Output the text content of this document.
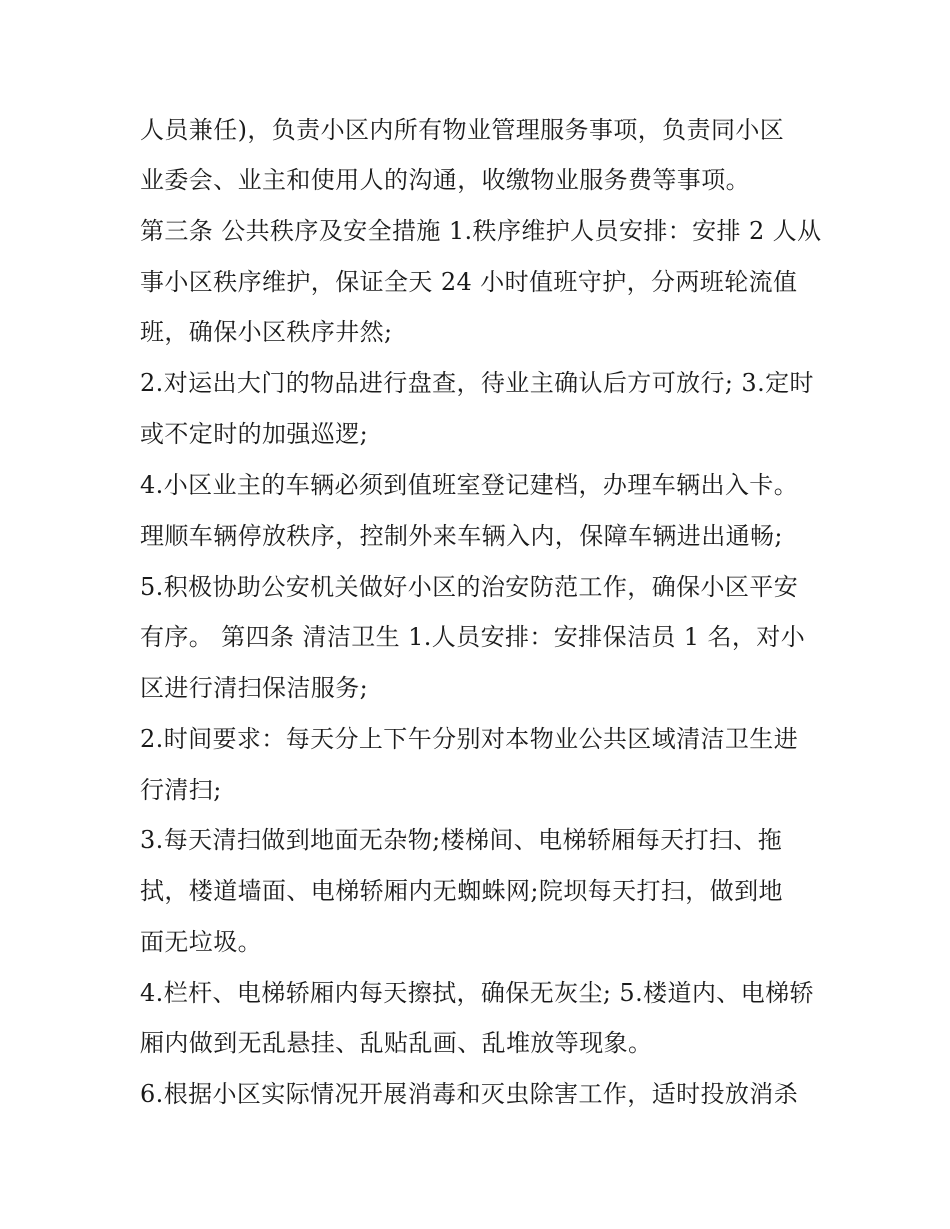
人员兼任)，负责小区内所有物业管理服务事项，负责同小区
业委会、业主和使用人的沟通，收缴物业服务费等事项。
第三条 公共秩序及安全措施 1.秩序维护人员安排：安排 2 人从
事小区秩序维护，保证全天 24 小时值班守护，分两班轮流值
班，确保小区秩序井然;
2.对运出大门的物品进行盘查，待业主确认后方可放行; 3.定时
或不定时的加强巡逻;
4.小区业主的车辆必须到值班室登记建档，办理车辆出入卡。
理顺车辆停放秩序，控制外来车辆入内，保障车辆进出通畅;
5.积极协助公安机关做好小区的治安防范工作，确保小区平安
有序。 第四条 清洁卫生 1.人员安排：安排保洁员 1 名，对小
区进行清扫保洁服务;
2.时间要求：每天分上下午分别对本物业公共区域清洁卫生进
行清扫;
3.每天清扫做到地面无杂物;楼梯间、电梯轿厢每天打扫、拖
拭，楼道墙面、电梯轿厢内无蜘蛛网;院坝每天打扫，做到地
面无垃圾。
4.栏杆、电梯轿厢内每天擦拭，确保无灰尘; 5.楼道内、电梯轿
厢内做到无乱悬挂、乱贴乱画、乱堆放等现象。
6.根据小区实际情况开展消毒和灭虫除害工作，适时投放消杀
